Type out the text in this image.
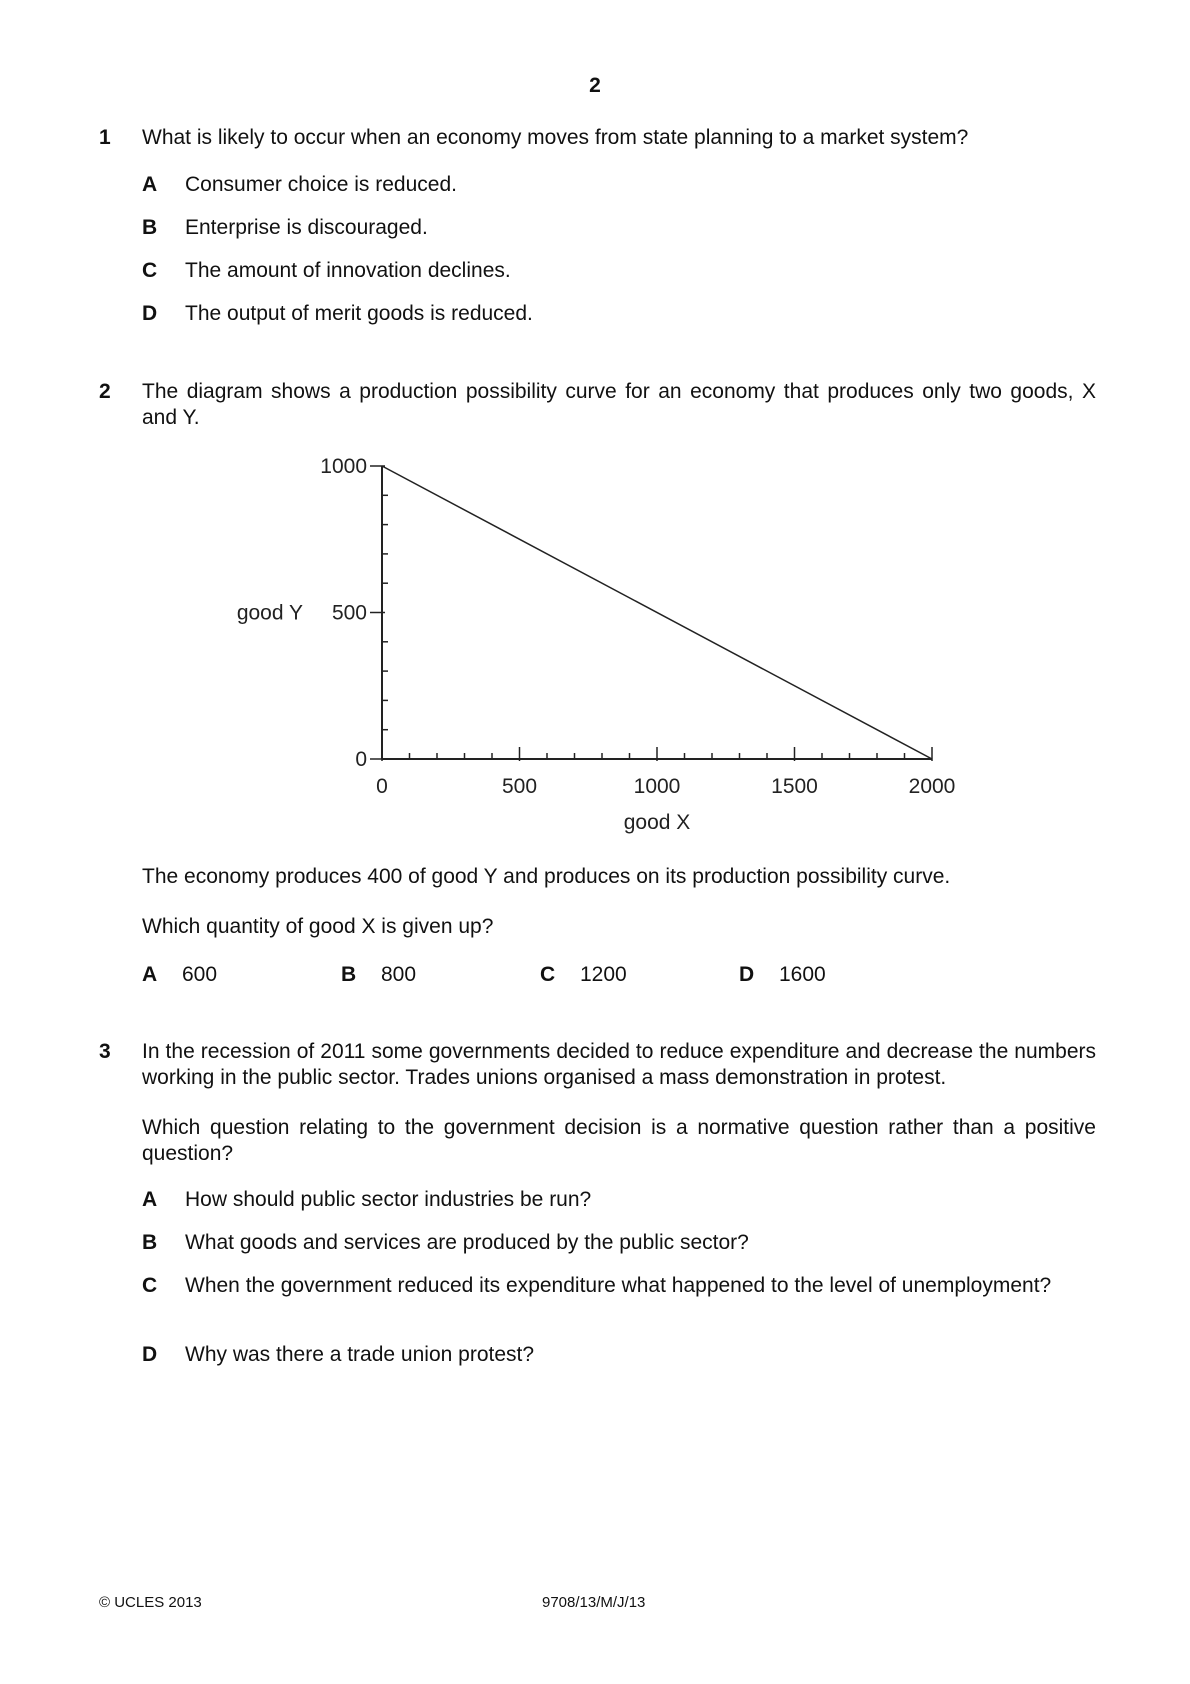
2
1 What is likely to occur when an economy moves from state planning to a market system?
A Consumer choice is reduced.
B Enterprise is discouraged.
C The amount of innovation declines.
D The output of merit goods is reduced.
2 The diagram shows a production possibility curve for an economy that produces only two goods, X and Y.
0	500	1000	1500	2000
0
500
1000
good X
good Y
The economy produces 400 of good Y and produces on its production possibility curve.
Which quantity of good X is given up?
A 600	B 800	C 1200	D 1600
3 In the recession of 2011 some governments decided to reduce expenditure and decrease the numbers working in the public sector. Trades unions organised a mass demonstration in protest.
Which question relating to the government decision is a normative question rather than a positive question?
A How should public sector industries be run?
B What goods and services are produced by the public sector?
C When the government reduced its expenditure what happened to the level of unemployment?
D Why was there a trade union protest?
© UCLES 2013	9708/13/M/J/13
